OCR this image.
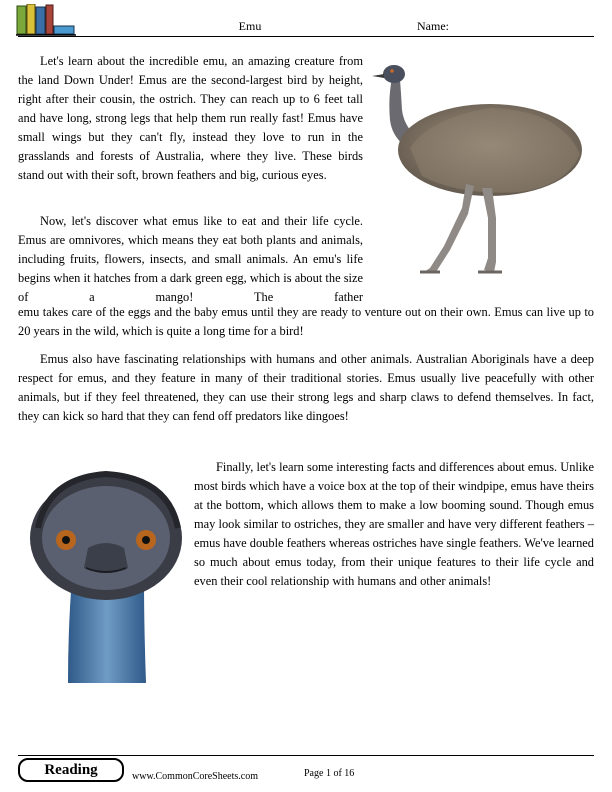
Emu	Name:
Let's learn about the incredible emu, an amazing creature from the land Down Under! Emus are the second-largest bird by height, right after their cousin, the ostrich. They can reach up to 6 feet tall and have long, strong legs that help them run really fast! Emus have small wings but they can't fly, instead they love to run in the grasslands and forests of Australia, where they live. These birds stand out with their soft, brown feathers and big, curious eyes.
Now, let's discover what emus like to eat and their life cycle. Emus are omnivores, which means they eat both plants and animals, including fruits, flowers, insects, and small animals. An emu's life begins when it hatches from a dark green egg, which is about the size of a mango! The father
emu takes care of the eggs and the baby emus until they are ready to venture out on their own. Emus can live up to 20 years in the wild, which is quite a long time for a bird!
Emus also have fascinating relationships with humans and other animals. Australian Aboriginals have a deep respect for emus, and they feature in many of their traditional stories. Emus usually live peacefully with other animals, but if they feel threatened, they can use their strong legs and sharp claws to defend themselves. In fact, they can kick so hard that they can fend off predators like dingoes!
Finally, let's learn some interesting facts and differences about emus. Unlike most birds which have a voice box at the top of their windpipe, emus have theirs at the bottom, which allows them to make a low booming sound. Though emus may look similar to ostriches, they are smaller and have very different feathers – emus have double feathers whereas ostriches have single feathers. We've learned so much about emus today, from their unique features to their life cycle and even their cool relationship with humans and other animals!
Reading	www.CommonCoreSheets.com	Page 1 of 16
